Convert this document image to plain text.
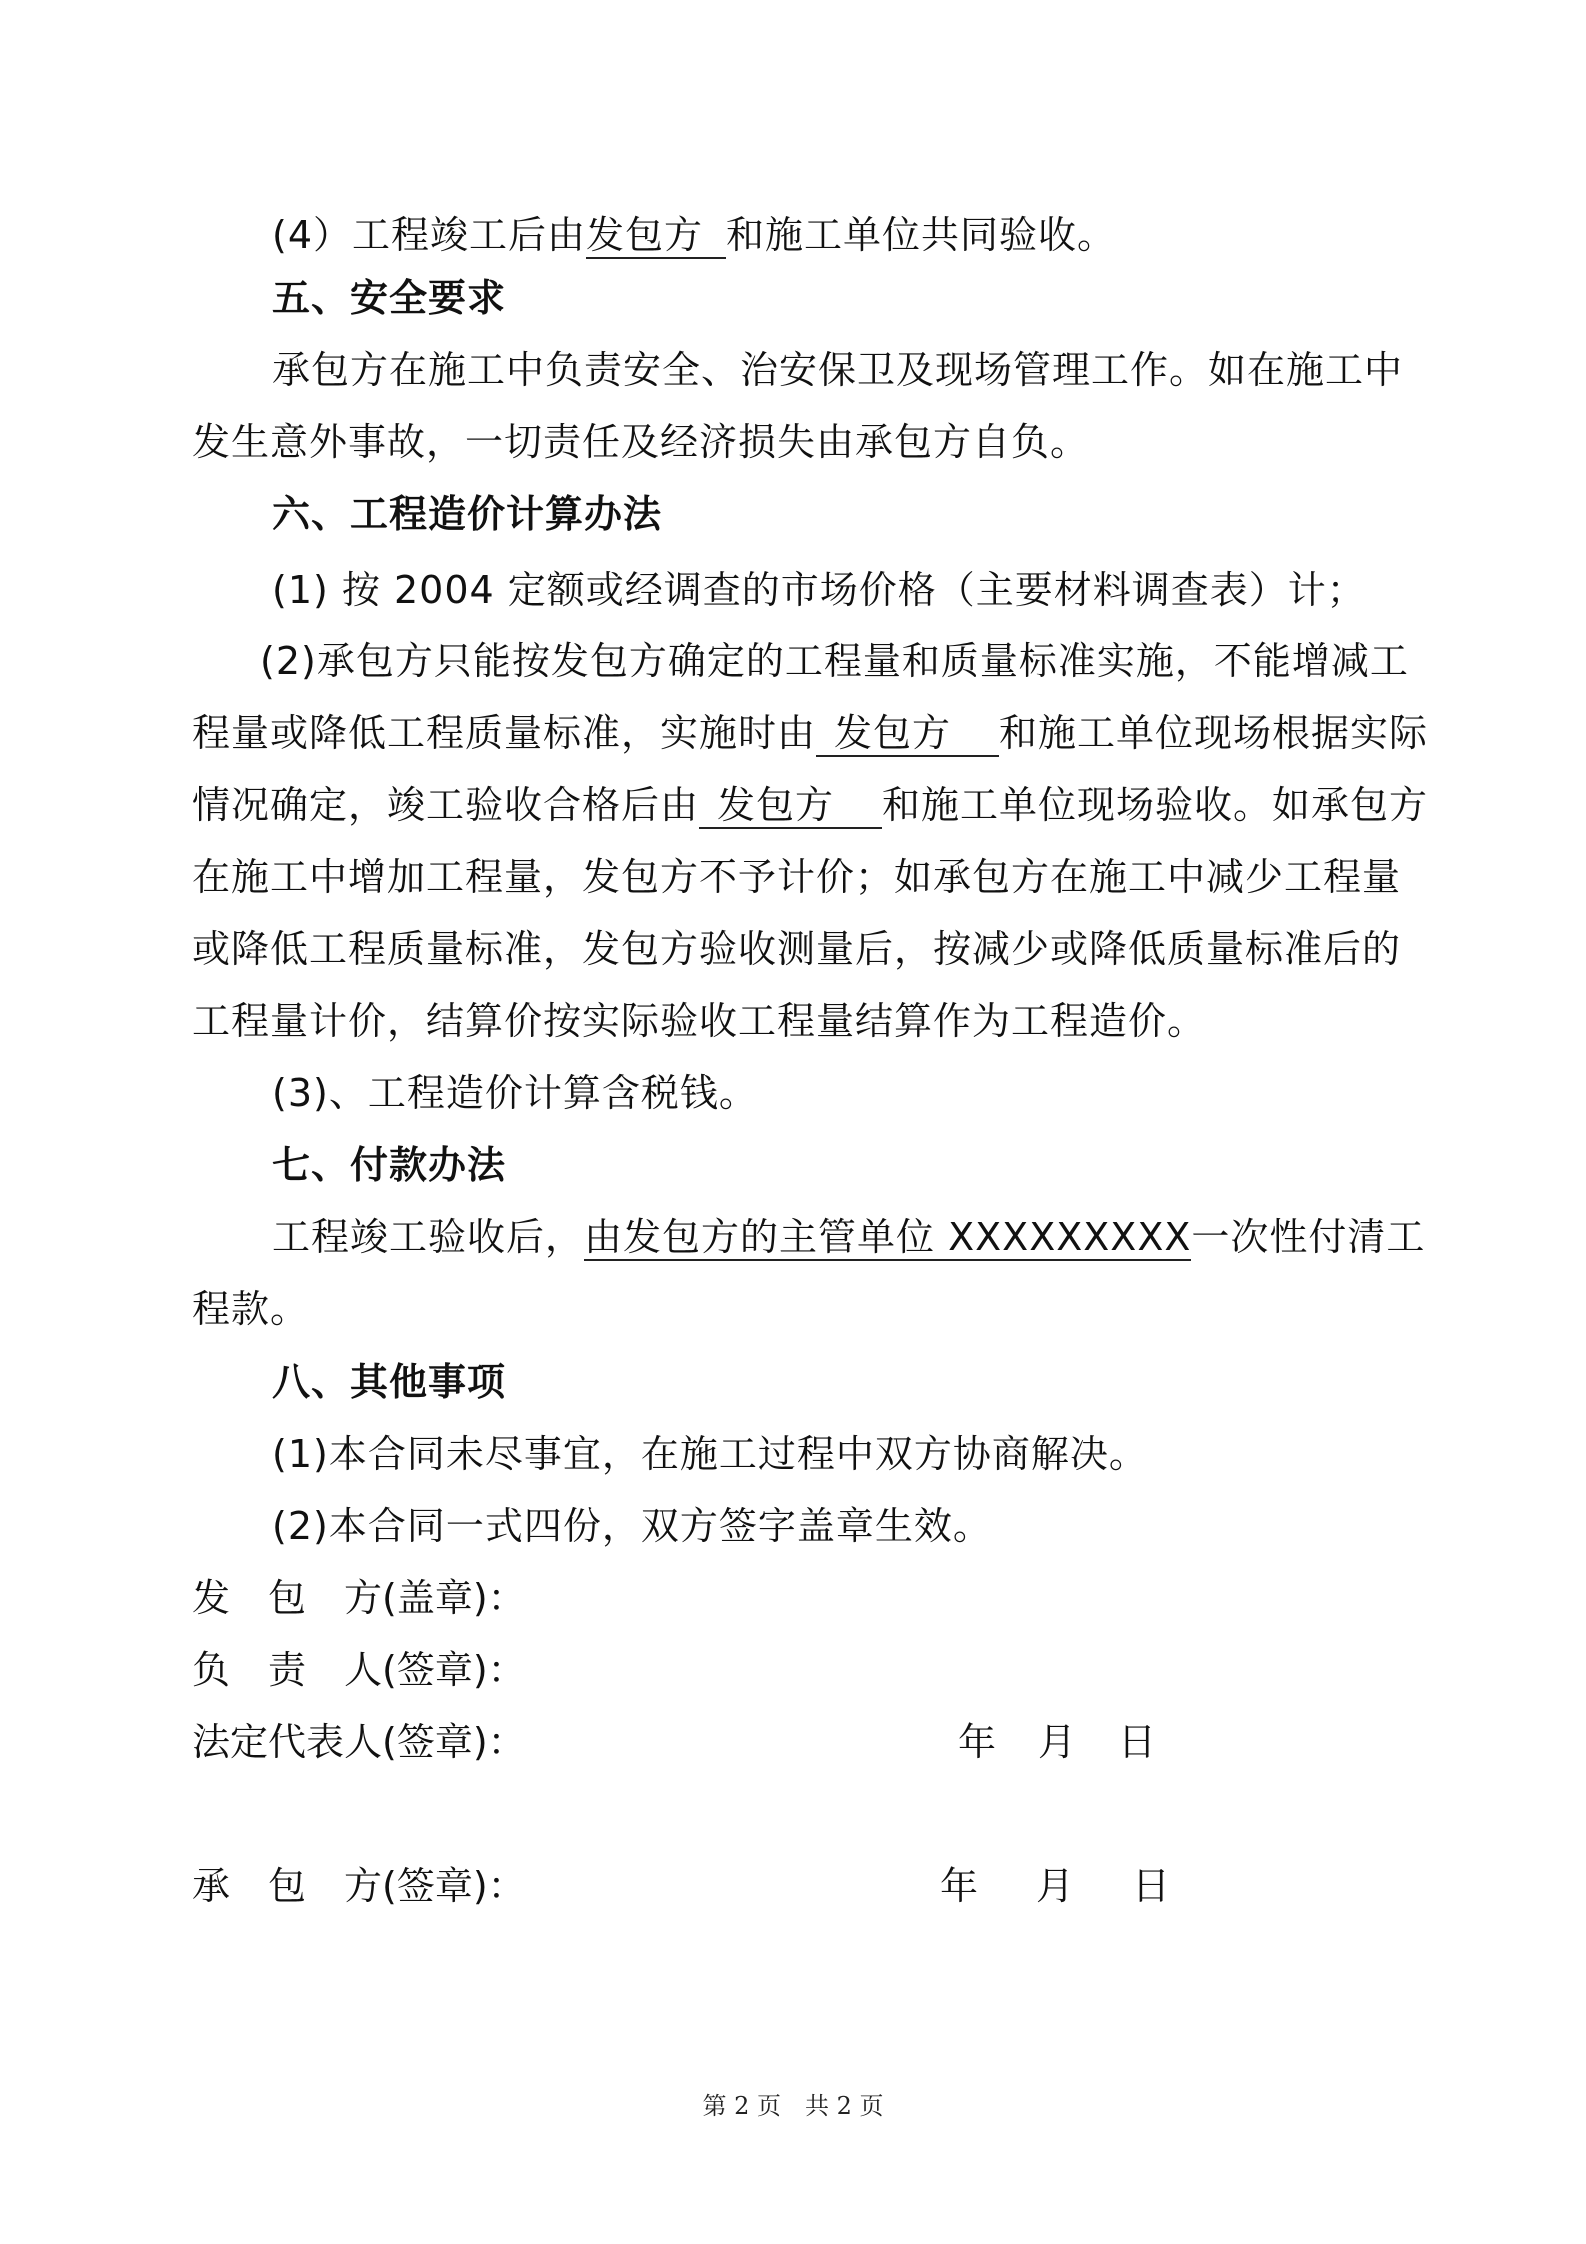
(4）工程竣工后由发包方 和施工单位共同验收。
五、安全要求
承包方在施工中负责安全、治安保卫及现场管理工作。如在施工中
发生意外事故，一切责任及经济损失由承包方自负。
六、工程造价计算办法
(1) 按 2004 定额或经调查的市场价格（主要材料调查表）计；
(2)承包方只能按发包方确定的工程量和质量标准实施，不能增减工
程量或降低工程质量标准，实施时由 发包方 和施工单位现场根据实际
情况确定，竣工验收合格后由 发包方 和施工单位现场验收。如承包方
在施工中增加工程量，发包方不予计价；如承包方在施工中减少工程量
或降低工程质量标准，发包方验收测量后，按减少或降低质量标准后的
工程量计价，结算价按实际验收工程量结算作为工程造价。
(3)、工程造价计算含税钱。
七、付款办法
工程竣工验收后，由发包方的主管单位 XXXXXXXXX一次性付清工
程款。
八、其他事项
(1)本合同未尽事宜，在施工过程中双方协商解决。
(2)本合同一式四份，双方签字盖章生效。
发　包　方(盖章)：
负　责　人(签章)：
法定代表人(签章)：	年 月 日
承　包　方(签章)：	年 月 日
第 2 页　共 2 页
